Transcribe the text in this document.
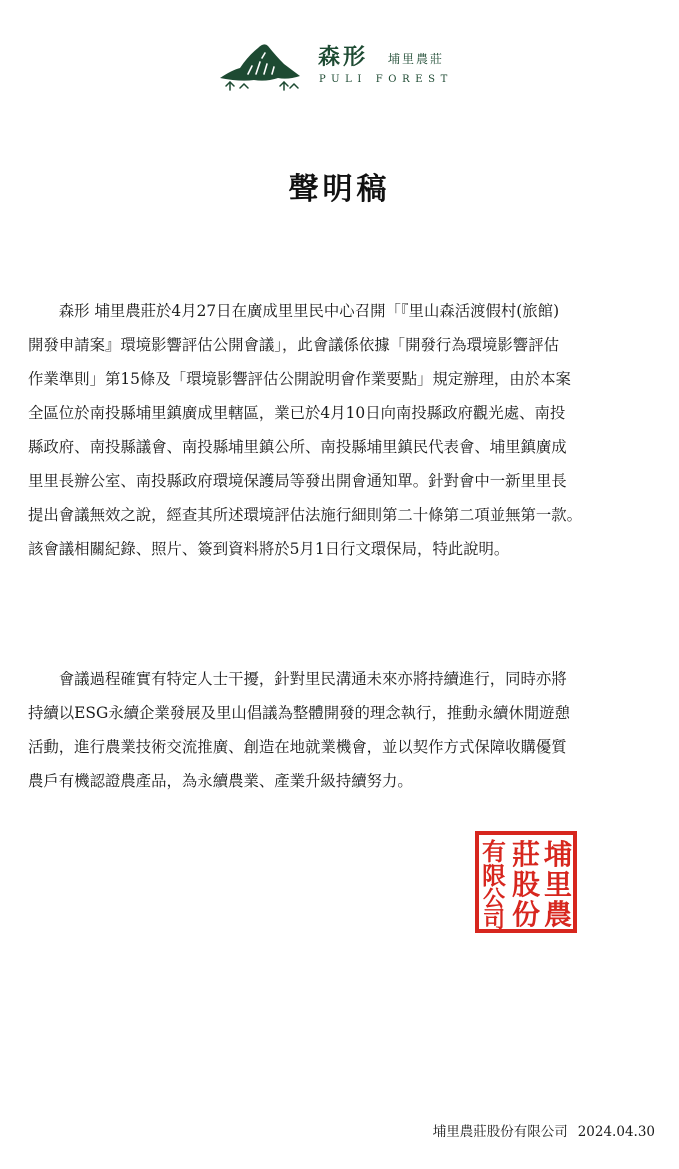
森形 埔里農莊
PULI FOREST
聲明稿
　　森形 埔里農莊於4月27日在廣成里里民中心召開「『里山森活渡假村(旅館)
開發申請案』環境影響評估公開會議」，此會議係依據「開發行為環境影響評估
作業準則」第15條及「環境影響評估公開說明會作業要點」規定辦理，由於本案
全區位於南投縣埔里鎮廣成里轄區，業已於4月10日向南投縣政府觀光處、南投
縣政府、南投縣議會、南投縣埔里鎮公所、南投縣埔里鎮民代表會、埔里鎮廣成
里里長辦公室、南投縣政府環境保護局等發出開會通知單。針對會中一新里里長
提出會議無效之說，經查其所述環境評估法施行細則第二十條第二項並無第一款。
該會議相關紀錄、照片、簽到資料將於5月1日行文環保局，特此說明。
　　會議過程確實有特定人士干擾，針對里民溝通未來亦將持續進行，同時亦將
持續以ESG永續企業發展及里山倡議為整體開發的理念執行，推動永續休閒遊憩
活動，進行農業技術交流推廣、創造在地就業機會，並以契作方式保障收購優質
農戶有機認證農產品，為永續農業、產業升級持續努力。
埔
里
農
莊
股
份
有
限
公
司
埔里農莊股份有限公司 2024.04.30
